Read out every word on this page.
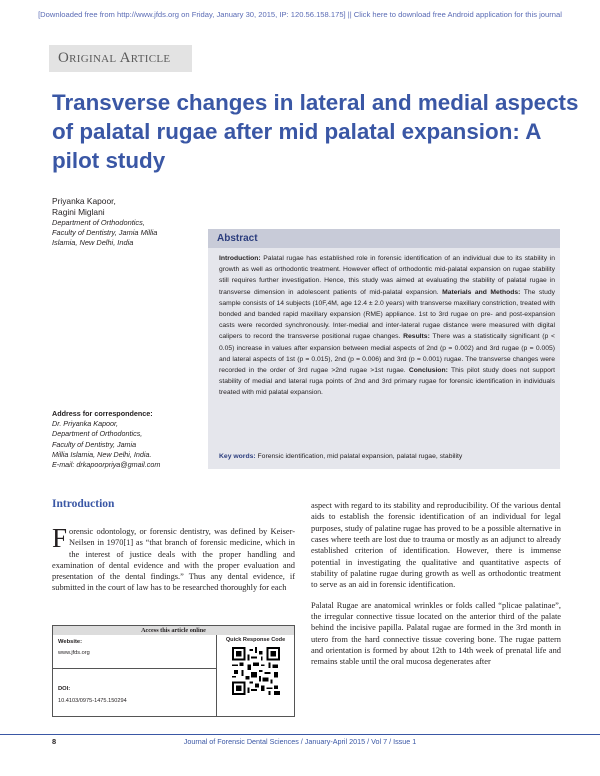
[Downloaded free from http://www.jfds.org on Friday, January 30, 2015, IP: 120.56.158.175] || Click here to download free Android application for this journal
Original Article
Transverse changes in lateral and medial aspects of palatal rugae after mid palatal expansion: A pilot study
Priyanka Kapoor,
Ragini Miglani
Department of Orthodontics,
Faculty of Dentistry, Jamia Millia
Islamia, New Delhi, India
Address for correspondence:
Dr. Priyanka Kapoor,
Department of Orthodontics,
Faculty of Dentistry, Jamia
Millia Islamia, New Delhi, India.
E-mail: drkapoorpriya@gmail.com
Abstract
Introduction: Palatal rugae has established role in forensic identification of an individual due to its stability in growth as well as orthodontic treatment. However effect of orthodontic mid-palatal expansion on rugae stability still requires further investigation. Hence, this study was aimed at evaluating the stability of palatal rugae in transverse dimension in adolescent patients of mid-palatal expansion. Materials and Methods: The study sample consists of 14 subjects (10F,4M, age 12.4 ± 2.0 years) with transverse maxillary constriction, treated with bonded and banded rapid maxillary expansion (RME) appliance. 1st to 3rd rugae on pre- and post-expansion casts were recorded synchronously. Inter-medial and inter-lateral rugae distance were measured with digital calipers to record the transverse positional rugae changes. Results: There was a statistically significant (p < 0.05) increase in values after expansion between medial aspects of 2nd (p = 0.002) and 3rd rugae (p = 0.005) and lateral aspects of 1st (p = 0.015), 2nd (p = 0.006) and 3rd (p = 0.001) rugae. The transverse changes were recorded in the order of 3rd rugae >2nd rugae >1st rugae. Conclusion: This pilot study does not support stability of medial and lateral ruga points of 2nd and 3rd primary rugae for forensic identification in individuals treated with mid palatal expansion.
Key words: Forensic identification, mid palatal expansion, palatal rugae, stability
Introduction
Forensic odontology, or forensic dentistry, was defined by Keiser-Neilsen in 1970[1] as “that branch of forensic medicine, which in the interest of justice deals with the proper handling and examination of dental evidence and with the proper evaluation and presentation of the dental findings.” Thus any dental evidence, if submitted in the court of law has to be researched thoroughly for each

aspect with regard to its stability and reproducibility. Of the various dental aids to establish the forensic identification of an individual for legal purposes, study of palatine rugae has proved to be a possible alternative in cases where teeth are lost due to trauma or mostly as an adjunct to already established criterion of identification. However, there is immense potential in investigating the qualitative and quantitative aspects of stability of palatine rugae during growth as well as orthodontic treatment to serve as an aid in forensic identification.

Palatal Rugae are anatomical wrinkles or folds called “plicae palatinae”, the irregular connective tissue located on the anterior third of the palate behind the incisive papilla. Palatal rugae are formed in the 3rd month in utero from the hard connective tissue covering bone. The rugae pattern and orientation is formed by about 12th to 14th week of prenatal life and remains stable until the oral mucosa degenerates after

Access this article online
Website:
www.jfds.org
DOI:
10.4103/0975-1475.150294
Quick Response Code
8	Journal of Forensic Dental Sciences / January-April 2015 / Vol 7 / Issue 1
